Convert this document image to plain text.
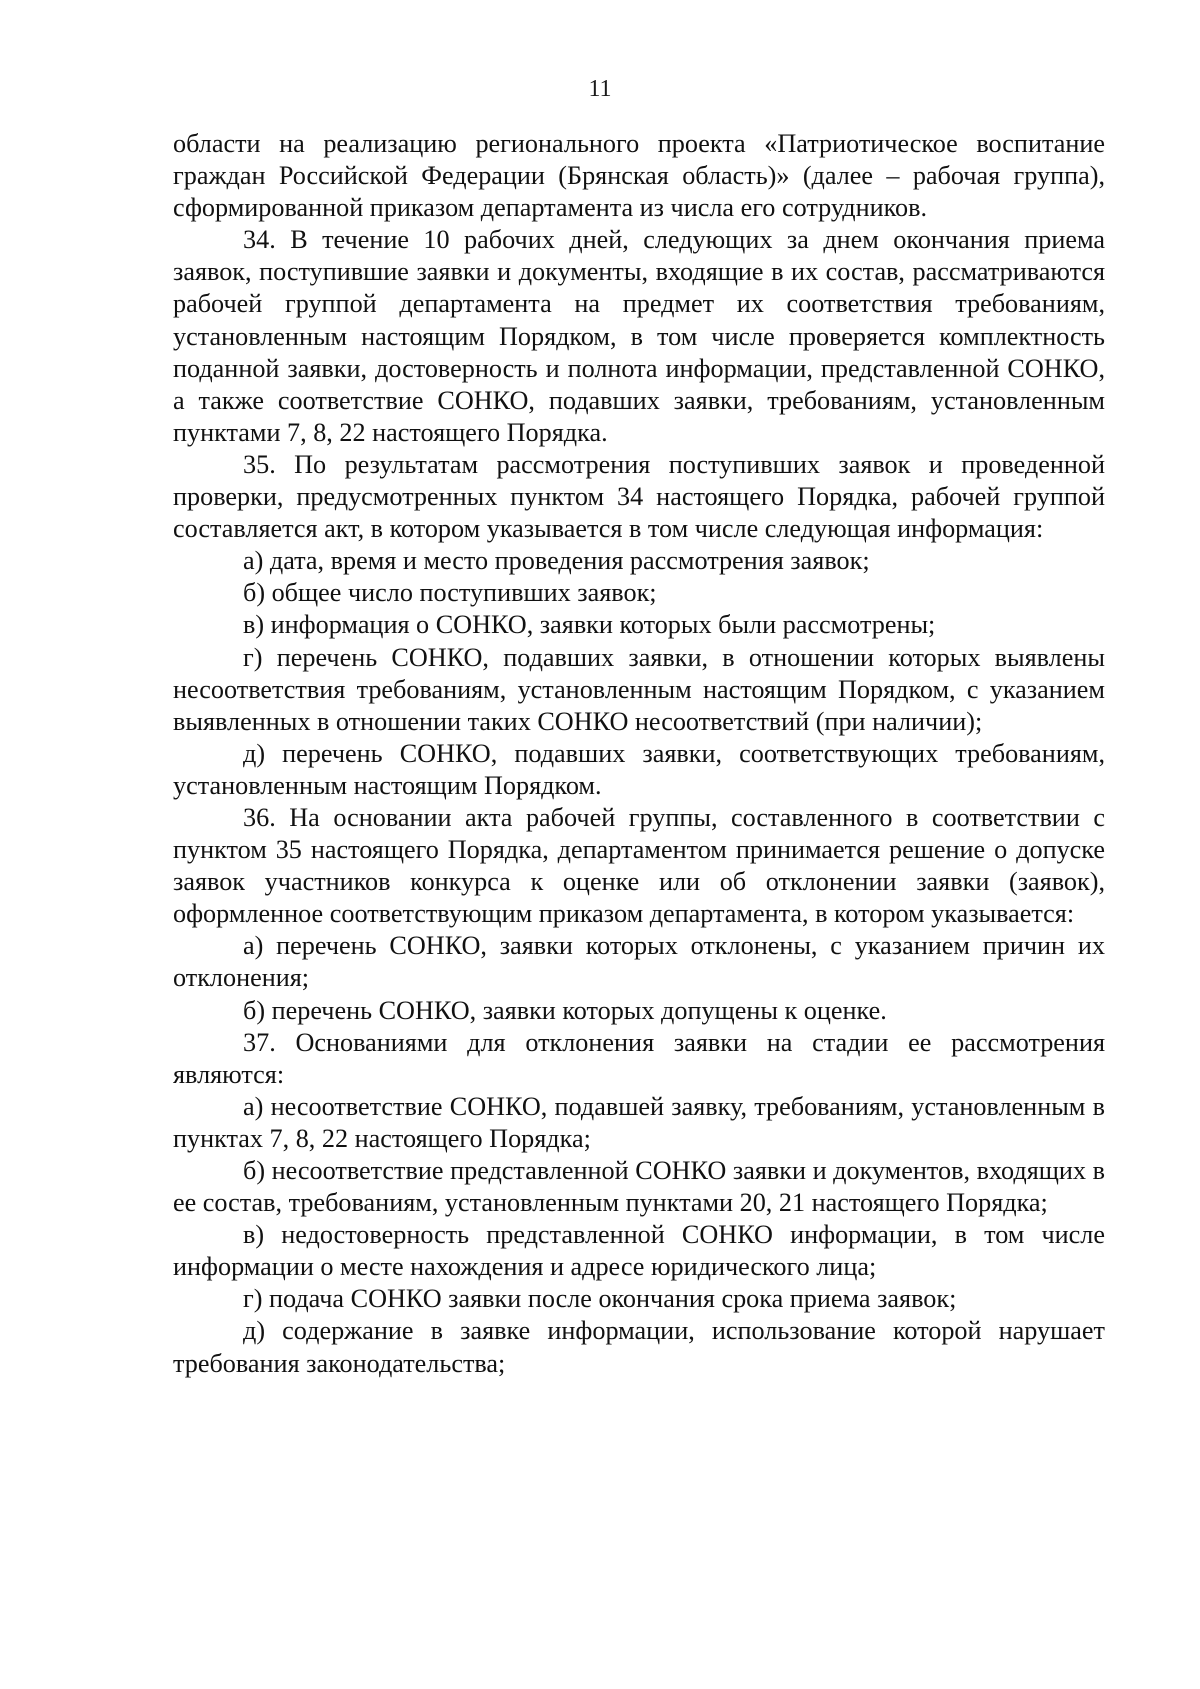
11

области на реализацию регионального проекта «Патриотическое воспитание граждан Российской Федерации (Брянская область)» (далее – рабочая группа), сформированной приказом департамента из числа его сотрудников.

34. В течение 10 рабочих дней, следующих за днем окончания приема заявок, поступившие заявки и документы, входящие в их состав, рассматриваются рабочей группой департамента на предмет их соответствия требованиям, установленным настоящим Порядком, в том числе проверяется комплектность поданной заявки, достоверность и полнота информации, представленной СОНКО, а также соответствие СОНКО, подавших заявки, требованиям, установленным пунктами 7, 8, 22 настоящего Порядка.

35. По результатам рассмотрения поступивших заявок и проведенной проверки, предусмотренных пунктом 34 настоящего Порядка, рабочей группой составляется акт, в котором указывается в том числе следующая информация:

а) дата, время и место проведения рассмотрения заявок;

б) общее число поступивших заявок;

в) информация о СОНКО, заявки которых были рассмотрены;

г) перечень СОНКО, подавших заявки, в отношении которых выявлены несоответствия требованиям, установленным настоящим Порядком, с указанием выявленных в отношении таких СОНКО несоответствий (при наличии);

д) перечень СОНКО, подавших заявки, соответствующих требованиям, установленным настоящим Порядком.

36. На основании акта рабочей группы, составленного в соответствии с пунктом 35 настоящего Порядка, департаментом принимается решение о допуске заявок участников конкурса к оценке или об отклонении заявки (заявок), оформленное соответствующим приказом департамента, в котором указывается:

а) перечень СОНКО, заявки которых отклонены, с указанием причин их отклонения;

б) перечень СОНКО, заявки которых допущены к оценке.

37. Основаниями для отклонения заявки на стадии ее рассмотрения являются:

а) несоответствие СОНКО, подавшей заявку, требованиям, установленным в пунктах 7, 8, 22 настоящего Порядка;

б) несоответствие представленной СОНКО заявки и документов, входящих в ее состав, требованиям, установленным пунктами 20, 21 настоящего Порядка;

в) недостоверность представленной СОНКО информации, в том числе информации о месте нахождения и адресе юридического лица;

г) подача СОНКО заявки после окончания срока приема заявок;

д) содержание в заявке информации, использование которой нарушает требования законодательства;
